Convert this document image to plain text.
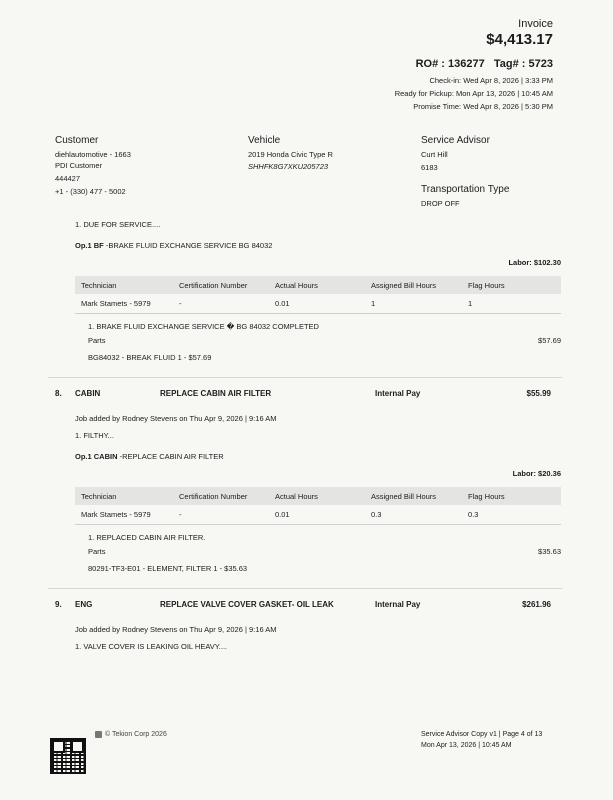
Invoice
$4,413.17
RO# : 136277 Tag# : 5723
Check-in: Wed Apr 8, 2026 | 3:33 PM
Ready for Pickup: Mon Apr 13, 2026 | 10:45 AM
Promise Time: Wed Apr 8, 2026 | 5:30 PM
Customer
diehlautomotive - 1663
PDI Customer
444427
+1 - (330) 477 - 5002
Vehicle
2019 Honda Civic Type R
SHHFK8G7XKU205723
Service Advisor
Curt Hill
6183
Transportation Type
DROP OFF
1. DUE FOR SERVICE....
Op.1 BF -BRAKE FLUID EXCHANGE SERVICE BG 84032
Labor: $102.30
Technician	Certification Number	Actual Hours	Assigned Bill Hours	Flag Hours
Mark Stamets - 5979	-	0.01	1	1
1. BRAKE FLUID EXCHANGE SERVICE � BG 84032 COMPLETED
Parts	$57.69
BG84032 - BREAK FLUID 1 - $57.69
8. CABIN	REPLACE CABIN AIR FILTER	Internal Pay	$55.99
Job added by Rodney Stevens on Thu Apr 9, 2026 | 9:16 AM
1. FILTHY...
Op.1 CABIN -REPLACE CABIN AIR FILTER
Labor: $20.36
Technician	Certification Number	Actual Hours	Assigned Bill Hours	Flag Hours
Mark Stamets - 5979	-	0.01	0.3	0.3
1. REPLACED CABIN AIR FILTER.
Parts	$35.63
80291-TF3-E01 - ELEMENT, FILTER 1 - $35.63
9. ENG	REPLACE VALVE COVER GASKET- OIL LEAK	Internal Pay	$261.96
Job added by Rodney Stevens on Thu Apr 9, 2026 | 9:16 AM
1. VALVE COVER IS LEAKING OIL HEAVY....
© Tekion Corp 2026	Service Advisor Copy v1 | Page 4 of 13
Mon Apr 13, 2026 | 10:45 AM
